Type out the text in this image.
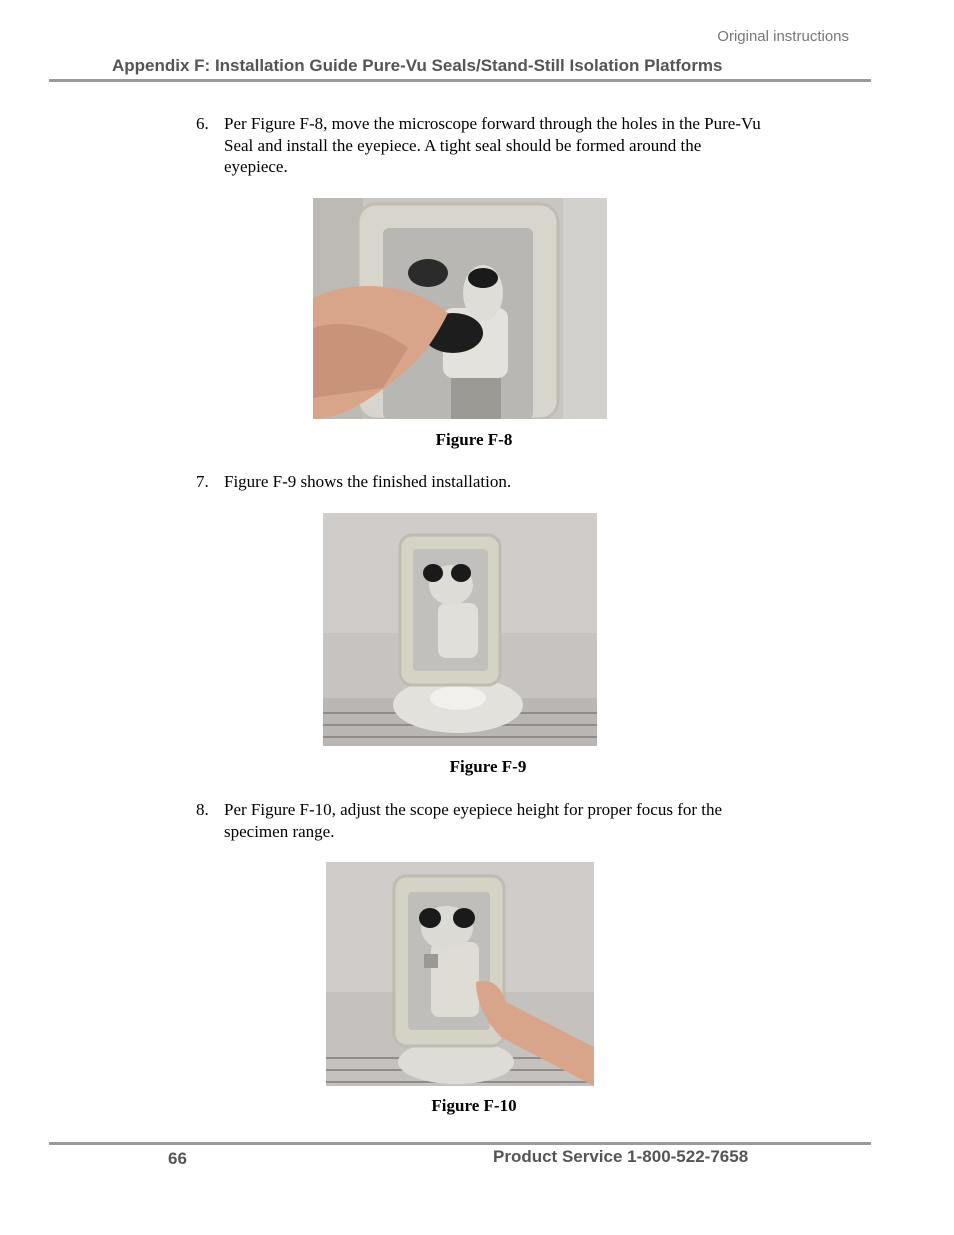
Original instructions
Appendix F: Installation Guide Pure-Vu Seals/Stand-Still Isolation Platforms
6. Per Figure F-8, move the microscope forward through the holes in the Pure-Vu Seal and install the eyepiece. A tight seal should be formed around the eyepiece.
Figure F-8
7. Figure F-9 shows the finished installation.
Figure F-9
8. Per Figure F-10, adjust the scope eyepiece height for proper focus for the specimen range.
Figure F-10
66	Product Service 1-800-522-7658
